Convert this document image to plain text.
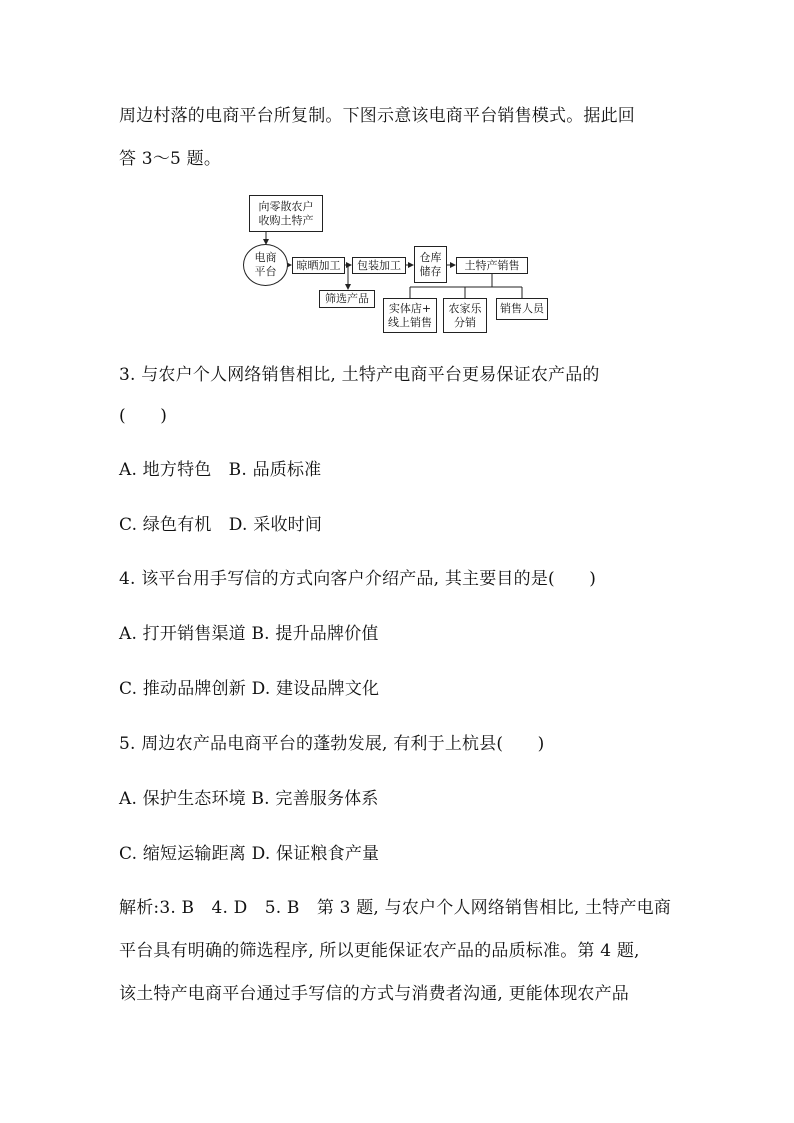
周边村落的电商平台所复制。下图示意该电商平台销售模式。据此回
答 3～5 题。
向零散农户
收购土特产
电商
平台	晾晒加工	包装加工
仓库
储存	土特产销售
筛选产品
实体店+
线上销售
农家乐
分销
销售人员
3. 与农户个人网络销售相比, 土特产电商平台更易保证农产品的
(　　)
A. 地方特色　B. 品质标准
C. 绿色有机　D. 采收时间
4. 该平台用手写信的方式向客户介绍产品, 其主要目的是(　　)
A. 打开销售渠道 B. 提升品牌价值
C. 推动品牌创新 D. 建设品牌文化
5. 周边农产品电商平台的蓬勃发展, 有利于上杭县(　　)
A. 保护生态环境 B. 完善服务体系
C. 缩短运输距离 D. 保证粮食产量
解析:3. B　4. D　5. B　第 3 题, 与农户个人网络销售相比, 土特产电商
平台具有明确的筛选程序, 所以更能保证农产品的品质标准。第 4 题,
该土特产电商平台通过手写信的方式与消费者沟通, 更能体现农产品
